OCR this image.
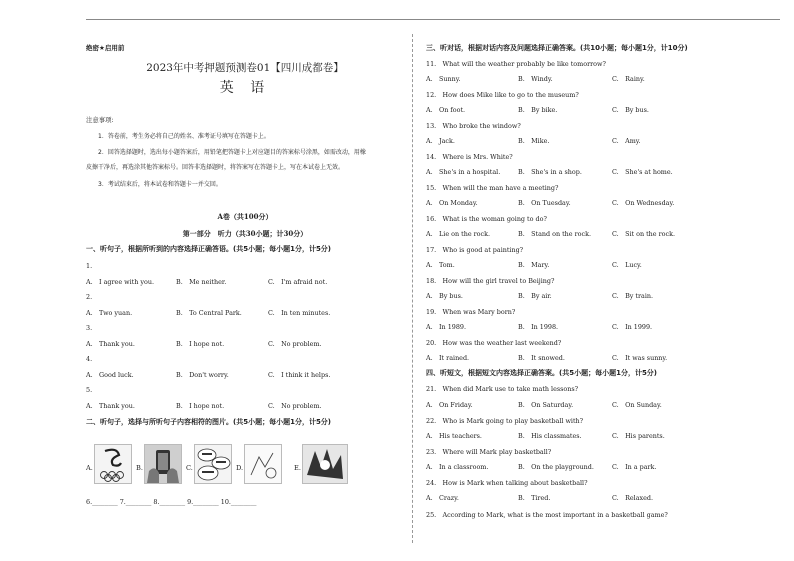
绝密★启用前
2023年中考押题预测卷01【四川成都卷】
英 语
注意事项:
1．答卷前，考生务必将自己的姓名、准考证号填写在答题卡上。
2．回答选择题时，选出每小题答案后，用铅笔把答题卡上对应题目的答案标号涂黑，如需改动，用橡
皮擦干净后，再选涂其他答案标号。回答非选择题时，将答案写在答题卡上，写在本试卷上无效。
3．考试结束后，将本试卷和答题卡一并交回。
A卷（共100分）
第一部分　听力（共30小题；计30分）
一、听句子，根据所听到的内容选择正确答语。(共5小题；每小题1分，计5分)
1.
A.　I agree with you.	B.　Me neither.	C.　I'm afraid not.
2.
A.　Two yuan.	B.　To Central Park.	C.　In ten minutes.
3.
A.　Thank you.	B.　I hope not.	C.　No problem.
4.
A.　Good luck.	B.　Don't worry.	C.　I think it helps.
5.
A.　Thank you.	B.　I hope not.	C.　No problem.
二、听句子，选择与所听句子内容相符的图片。(共5小题；每小题1分，计5分)
A.	B.	C.	D.	E.
6.________ 7.________ 8.________ 9.________ 10.________
三、听对话，根据对话内容及问题选择正确答案。(共10小题；每小题1分，计10分)
11.　What will the weather probably be like tomorrow?
A.　Sunny.	B.　Windy.	C.　Rainy.
12.　How does Mike like to go to the museum?
A.　On foot.	B.　By bike.	C.　By bus.
13.　Who broke the window?
A.　Jack.	B.　Mike.	C.　Amy.
14.　Where is Mrs. White?
A.　She's in a hospital.	B.　She's in a shop.	C.　She's at home.
15.　When will the man have a meeting?
A.　On Monday.	B.　On Tuesday.	C.　On Wednesday.
16.　What is the woman going to do?
A.　Lie on the rock.	B.　Stand on the rock.	C.　Sit on the rock.
17.　Who is good at painting?
A.　Tom.	B.　Mary.	C.　Lucy.
18.　How will the girl travel to Beijing?
A.　By bus.	B.　By air.	C.　By train.
19.　When was Mary born?
A.　In 1989.	B.　In 1998.	C.　In 1999.
20.　How was the weather last weekend?
A.　It rained.	B.　It snowed.	C.　It was sunny.
四、听短文，根据短文内容选择正确答案。(共5小题；每小题1分，计5分)
21.　When did Mark use to take math lessons?
A.　On Friday.	B.　On Saturday.	C.　On Sunday.
22.　Who is Mark going to play basketball with?
A.　His teachers.	B.　His classmates.	C.　His parents.
23.　Where will Mark play basketball?
A.　In a classroom.	B.　On the playground.	C.　In a park.
24.　How is Mark when talking about basketball?
A.　Crazy.	B.　Tired.	C.　Relaxed.
25.　According to Mark, what is the most important in a basketball game?
